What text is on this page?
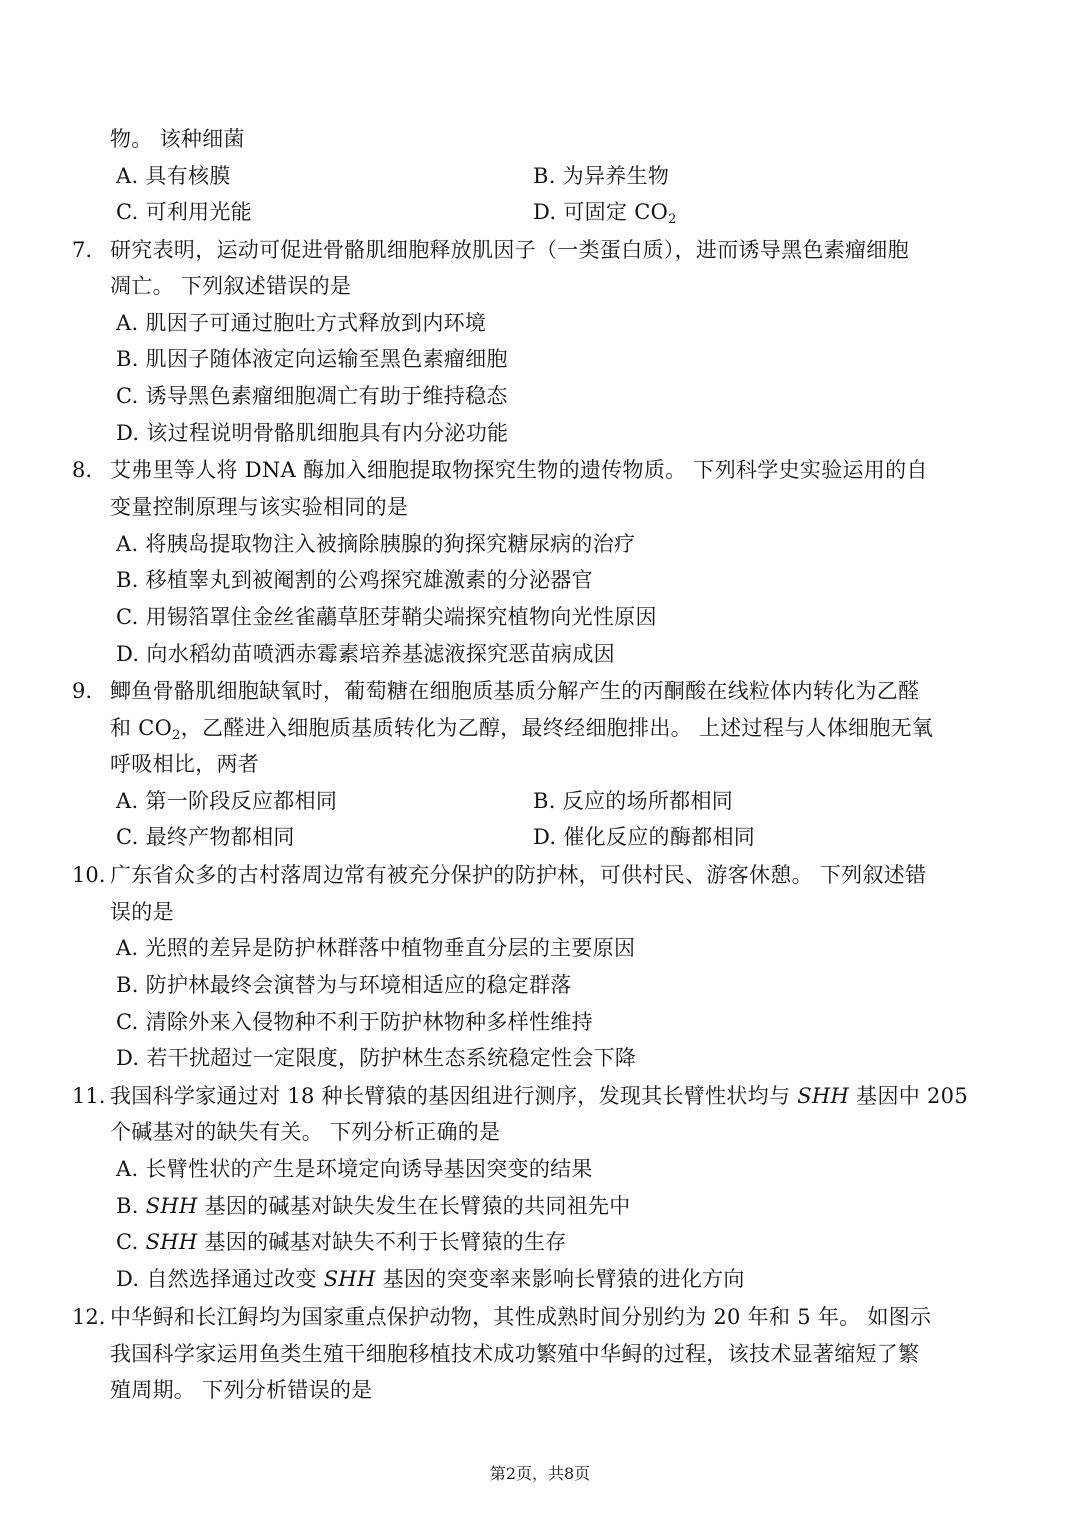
物。 该种细菌
A. 具有核膜	B. 为异养生物
C. 可利用光能	D. 可固定 $CO_2$
7. 研究表明，运动可促进骨骼肌细胞释放肌因子（一类蛋白质），进而诱导黑色素瘤细胞
凋亡。 下列叙述错误的是
A. 肌因子可通过胞吐方式释放到内环境
B. 肌因子随体液定向运输至黑色素瘤细胞
C. 诱导黑色素瘤细胞凋亡有助于维持稳态
D. 该过程说明骨骼肌细胞具有内分泌功能
8. 艾弗里等人将 DNA 酶加入细胞提取物探究生物的遗传物质。 下列科学史实验运用的自
变量控制原理与该实验相同的是
A. 将胰岛提取物注入被摘除胰腺的狗探究糖尿病的治疗
B. 移植睾丸到被阉割的公鸡探究雄激素的分泌器官
C. 用锡箔罩住金丝雀虉草胚芽鞘尖端探究植物向光性原因
D. 向水稻幼苗喷洒赤霉素培养基滤液探究恶苗病成因
9. 鲫鱼骨骼肌细胞缺氧时，葡萄糖在细胞质基质分解产生的丙酮酸在线粒体内转化为乙醛
和 $CO_2$，乙醛进入细胞质基质转化为乙醇，最终经细胞排出。 上述过程与人体细胞无氧
呼吸相比，两者
A. 第一阶段反应都相同	B. 反应的场所都相同
C. 最终产物都相同	D. 催化反应的酶都相同
10. 广东省众多的古村落周边常有被充分保护的防护林，可供村民、游客休憩。 下列叙述错
误的是
A. 光照的差异是防护林群落中植物垂直分层的主要原因
B. 防护林最终会演替为与环境相适应的稳定群落
C. 清除外来入侵物种不利于防护林物种多样性维持
D. 若干扰超过一定限度，防护林生态系统稳定性会下降
11. 我国科学家通过对 18 种长臂猿的基因组进行测序，发现其长臂性状均与 SHH 基因中 205
个碱基对的缺失有关。 下列分析正确的是
A. 长臂性状的产生是环境定向诱导基因突变的结果
B. SHH 基因的碱基对缺失发生在长臂猿的共同祖先中
C. SHH 基因的碱基对缺失不利于长臂猿的生存
D. 自然选择通过改变 SHH 基因的突变率来影响长臂猿的进化方向
12. 中华鲟和长江鲟均为国家重点保护动物，其性成熟时间分别约为 20 年和 5 年。 如图示
我国科学家运用鱼类生殖干细胞移植技术成功繁殖中华鲟的过程，该技术显著缩短了繁
殖周期。 下列分析错误的是
第2页，共8页
